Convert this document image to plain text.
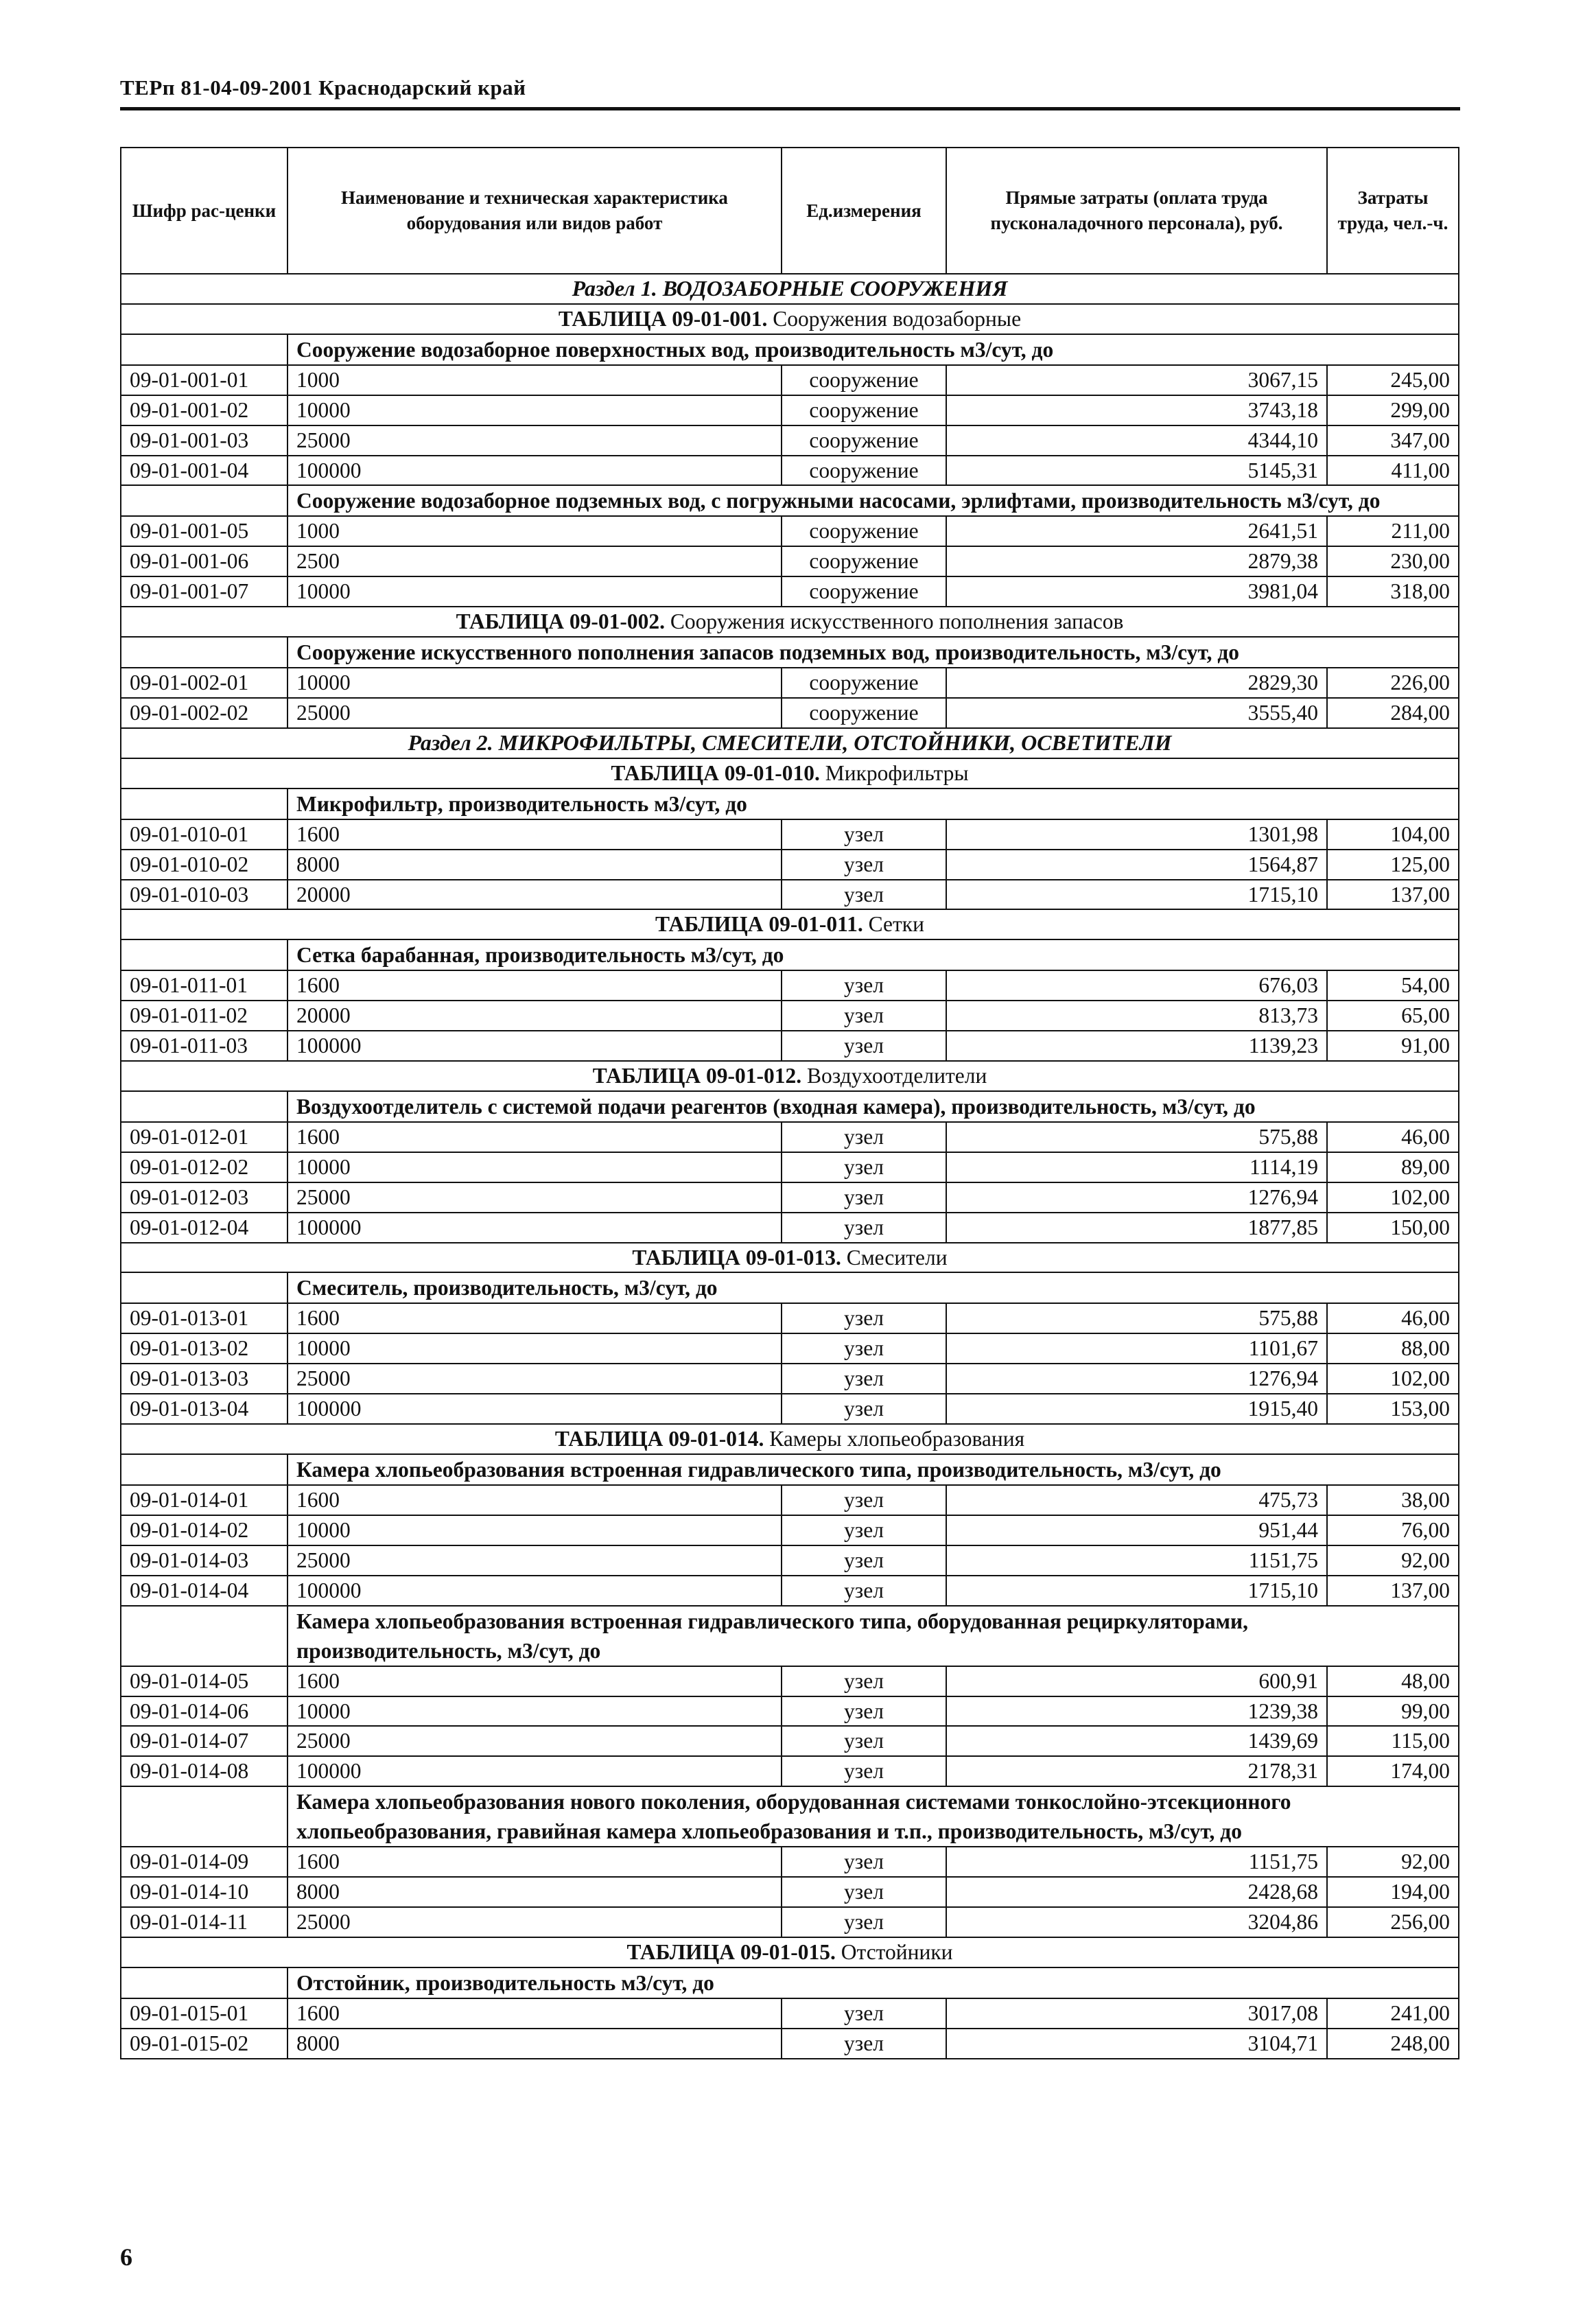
ТЕРп 81-04-09-2001 Краснодарский край
Шифр рас-ценки	Наименование и техническая характеристика оборудования или видов работ	Ед.измерения	Прямые затраты (оплата труда пусконаладочного персонала), руб.	Затраты труда, чел.-ч.
Раздел 1. ВОДОЗАБОРНЫЕ СООРУЖЕНИЯ				
ТАБЛИЦА 09-01-001. Сооружения водозаборные				
	Сооружение водозаборное поверхностных вод, производительность м3/сут, до			
09-01-001-01	1000	сооружение	3067,15	245,00
09-01-001-02	10000	сооружение	3743,18	299,00
09-01-001-03	25000	сооружение	4344,10	347,00
09-01-001-04	100000	сооружение	5145,31	411,00
	Сооружение водозаборное подземных вод, с погружными насосами, эрлифтами, производительность м3/сут, до			
09-01-001-05	1000	сооружение	2641,51	211,00
09-01-001-06	2500	сооружение	2879,38	230,00
09-01-001-07	10000	сооружение	3981,04	318,00
ТАБЛИЦА 09-01-002. Сооружения искусственного пополнения запасов				
	Сооружение искусственного пополнения запасов подземных вод, производительность, м3/сут, до			
09-01-002-01	10000	сооружение	2829,30	226,00
09-01-002-02	25000	сооружение	3555,40	284,00
Раздел 2. МИКРОФИЛЬТРЫ, СМЕСИТЕЛИ, ОТСТОЙНИКИ, ОСВЕТИТЕЛИ				
ТАБЛИЦА 09-01-010. Микрофильтры				
	Микрофильтр, производительность м3/сут, до			
09-01-010-01	1600	узел	1301,98	104,00
09-01-010-02	8000	узел	1564,87	125,00
09-01-010-03	20000	узел	1715,10	137,00
ТАБЛИЦА 09-01-011. Сетки				
	Сетка барабанная, производительность м3/сут, до			
09-01-011-01	1600	узел	676,03	54,00
09-01-011-02	20000	узел	813,73	65,00
09-01-011-03	100000	узел	1139,23	91,00
ТАБЛИЦА 09-01-012. Воздухоотделители				
	Воздухоотделитель с системой подачи реагентов (входная камера), производительность, м3/сут, до			
09-01-012-01	1600	узел	575,88	46,00
09-01-012-02	10000	узел	1114,19	89,00
09-01-012-03	25000	узел	1276,94	102,00
09-01-012-04	100000	узел	1877,85	150,00
ТАБЛИЦА 09-01-013. Смесители				
	Смеситель, производительность, м3/сут, до			
09-01-013-01	1600	узел	575,88	46,00
09-01-013-02	10000	узел	1101,67	88,00
09-01-013-03	25000	узел	1276,94	102,00
09-01-013-04	100000	узел	1915,40	153,00
ТАБЛИЦА 09-01-014. Камеры хлопьеобразования				
	Камера хлопьеобразования встроенная гидравлического типа, производительность, м3/сут, до			
09-01-014-01	1600	узел	475,73	38,00
09-01-014-02	10000	узел	951,44	76,00
09-01-014-03	25000	узел	1151,75	92,00
09-01-014-04	100000	узел	1715,10	137,00
	Камера хлопьеобразования встроенная гидравлического типа, оборудованная рециркуляторами, производительность, м3/сут, до			
09-01-014-05	1600	узел	600,91	48,00
09-01-014-06	10000	узел	1239,38	99,00
09-01-014-07	25000	узел	1439,69	115,00
09-01-014-08	100000	узел	2178,31	174,00
	Камера хлопьеобразования нового поколения, оборудованная системами тонкослойно-этсекционного хлопьеобразования, гравийная камера хлопьеобразования и т.п., производительность, м3/сут, до			
09-01-014-09	1600	узел	1151,75	92,00
09-01-014-10	8000	узел	2428,68	194,00
09-01-014-11	25000	узел	3204,86	256,00
ТАБЛИЦА 09-01-015. Отстойники				
	Отстойник, производительность м3/сут, до			
09-01-015-01	1600	узел	3017,08	241,00
09-01-015-02	8000	узел	3104,71	248,00
6
